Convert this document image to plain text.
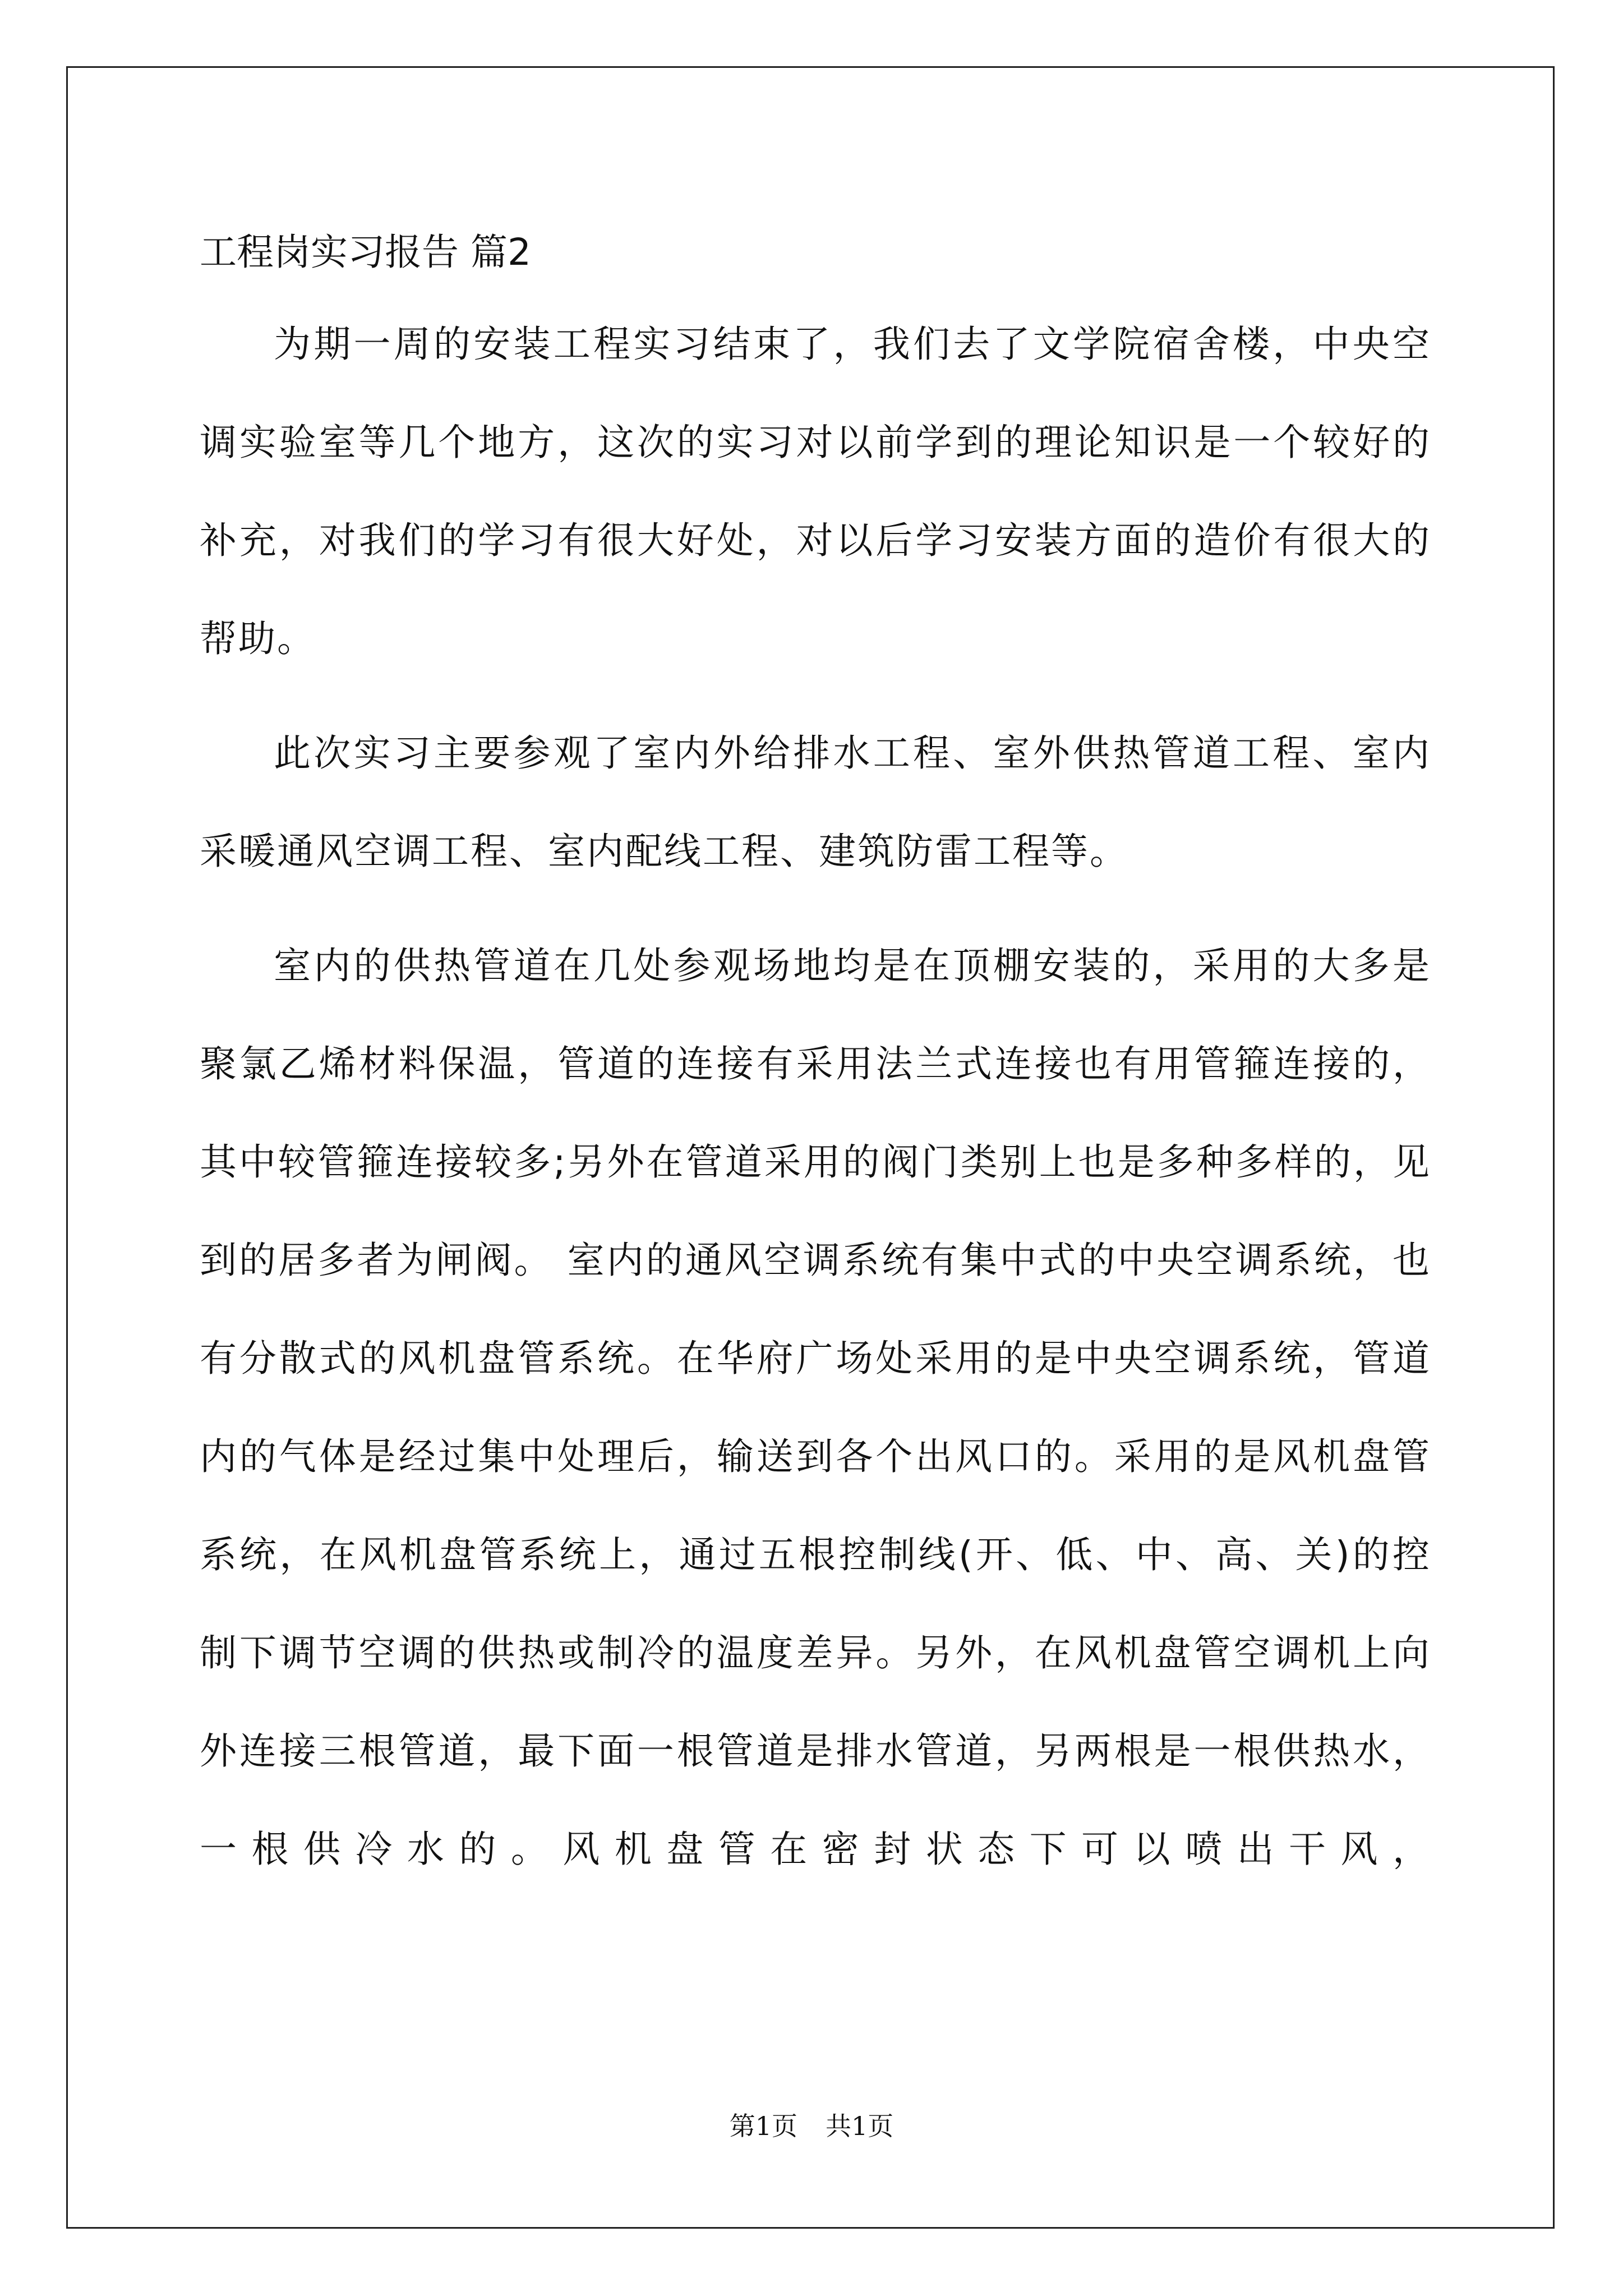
工程岗实习报告 篇2

为期一周的安装工程实习结束了，我们去了文学院宿舍楼，中央空调实验室等几个地方，这次的实习对以前学到的理论知识是一个较好的补充，对我们的学习有很大好处，对以后学习安装方面的造价有很大的帮助。

此次实习主要参观了室内外给排水工程、室外供热管道工程、室内采暖通风空调工程、室内配线工程、建筑防雷工程等。

室内的供热管道在几处参观场地均是在顶棚安装的，采用的大多是聚氯乙烯材料保温，管道的连接有采用法兰式连接也有用管箍连接的，其中较管箍连接较多;另外在管道采用的阀门类别上也是多种多样的，见到的居多者为闸阀。 室内的通风空调系统有集中式的中央空调系统，也有分散式的风机盘管系统。在华府广场处采用的是中央空调系统，管道内的气体是经过集中处理后，输送到各个出风口的。采用的是风机盘管系统，在风机盘管系统上，通过五根控制线(开、低、中、高、关)的控制下调节空调的供热或制冷的温度差异。另外，在风机盘管空调机上向外连接三根管道，最下面一根管道是排水管道，另两根是一根供热水，一根供冷水的。风机盘管在密封状态下可以喷出干风，

第1页 共1页
